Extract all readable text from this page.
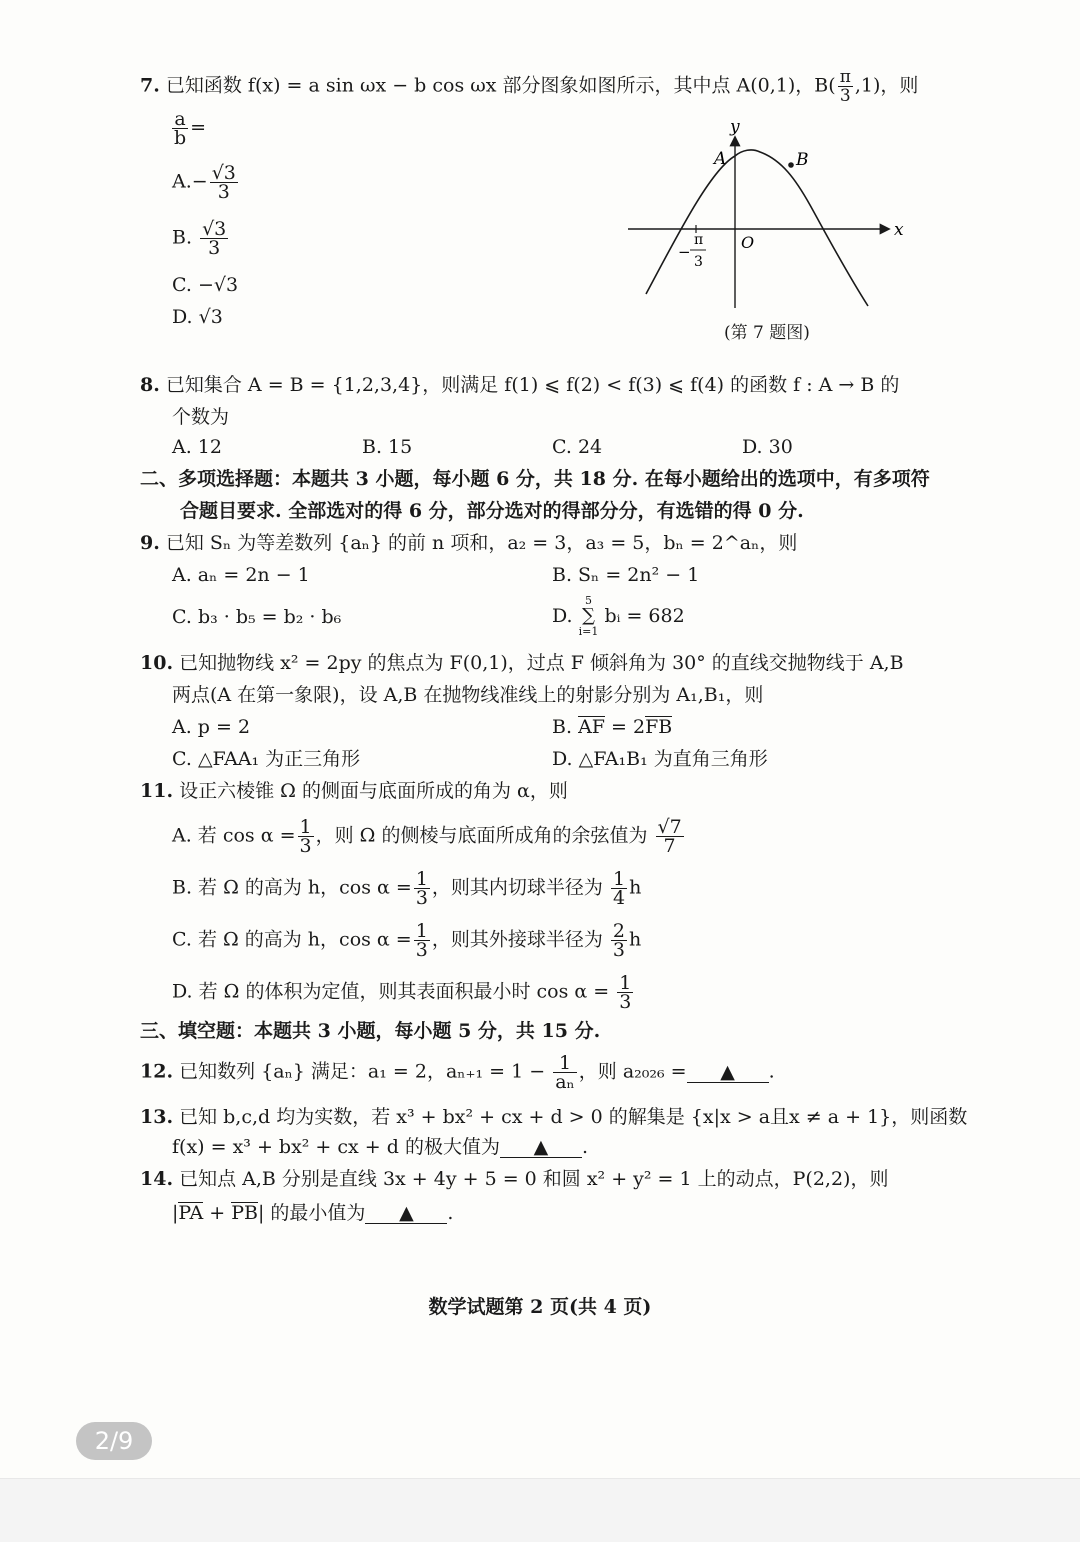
7. 已知函数 f(x) = a sin ωx − b cos ωx 部分图象如图所示，其中点 A(0,1)，$B( \frac{\pi}{3} ,1)$，则
$\frac{a}{b}$ =
$A.- \frac{√3}{3}$
B. $\frac{√3}{3}$
C. −√3
D. √3
x
y
A	B
O
−
π
3
(第 7 题图)
8. 已知集合 A = B = {1,2,3,4}，则满足 f(1) ⩽ f(2) < f(3) ⩽ f(4) 的函数 f : A → B 的
个数为
A. 12	B. 15	C. 24	D. 30
二、多项选择题：本题共 3 小题，每小题 6 分，共 18 分. 在每小题给出的选项中，有多项符
合题目要求. 全部选对的得 6 分，部分选对的得部分分，有选错的得 0 分.
9. 已知 Sₙ 为等差数列 {aₙ} 的前 n 项和，a₂ = 3，a₃ = 5，bₙ = 2^aₙ，则
A. aₙ = 2n − 1	B. Sₙ = 2n² − 1
C. b₃ · b₅ = b₂ · b₆	D.
5
∑
i=1
bᵢ = 682
10. 已知抛物线 x² = 2py 的焦点为 F(0,1)，过点 F 倾斜角为 30° 的直线交抛物线于 A,B
两点(A 在第一象限)，设 A,B 在抛物线准线上的射影分别为 A₁,B₁，则
A. p = 2	B. AF = 2FB
C. △FAA₁ 为正三角形	D. △FA₁B₁ 为直角三角形
11. 设正六棱锥 Ω 的侧面与底面所成的角为 α，则
A. 若 $\cos \alpha = \frac{1}{3}$ ，则 Ω 的侧棱与底面所成角的余弦值为 $\frac{√7}{7}$
B. 若 Ω 的高为 h，$\cos \alpha = \frac{1}{3}$ ，则其内切球半径为 $\frac{1}{4}$ h
C. 若 Ω 的高为 h，$\cos \alpha = \frac{1}{3}$ ，则其外接球半径为 $\frac{2}{3}$ h
D. 若 Ω 的体积为定值，则其表面积最小时 $\cos \alpha = \frac{1}{3}$
三、填空题：本题共 3 小题，每小题 5 分，共 15 分.
12. 已知数列 {aₙ} 满足：a₁ = 2，$a_{n+1} = 1 - \frac{1}{\text{aₙ}}$ ，则 a₂₀₂₆ = ▲ .
13. 已知 b,c,d 均为实数，若 x³ + bx² + cx + d > 0 的解集是 {x|x > a且x ≠ a + 1}，则函数
f(x) = x³ + bx² + cx + d 的极大值为 ▲ .
14. 已知点 A,B 分别是直线 3x + 4y + 5 = 0 和圆 x² + y² = 1 上的动点，P(2,2)，则
|PA + PB| 的最小值为 ▲ .
数学试题第 2 页(共 4 页)
2/9
